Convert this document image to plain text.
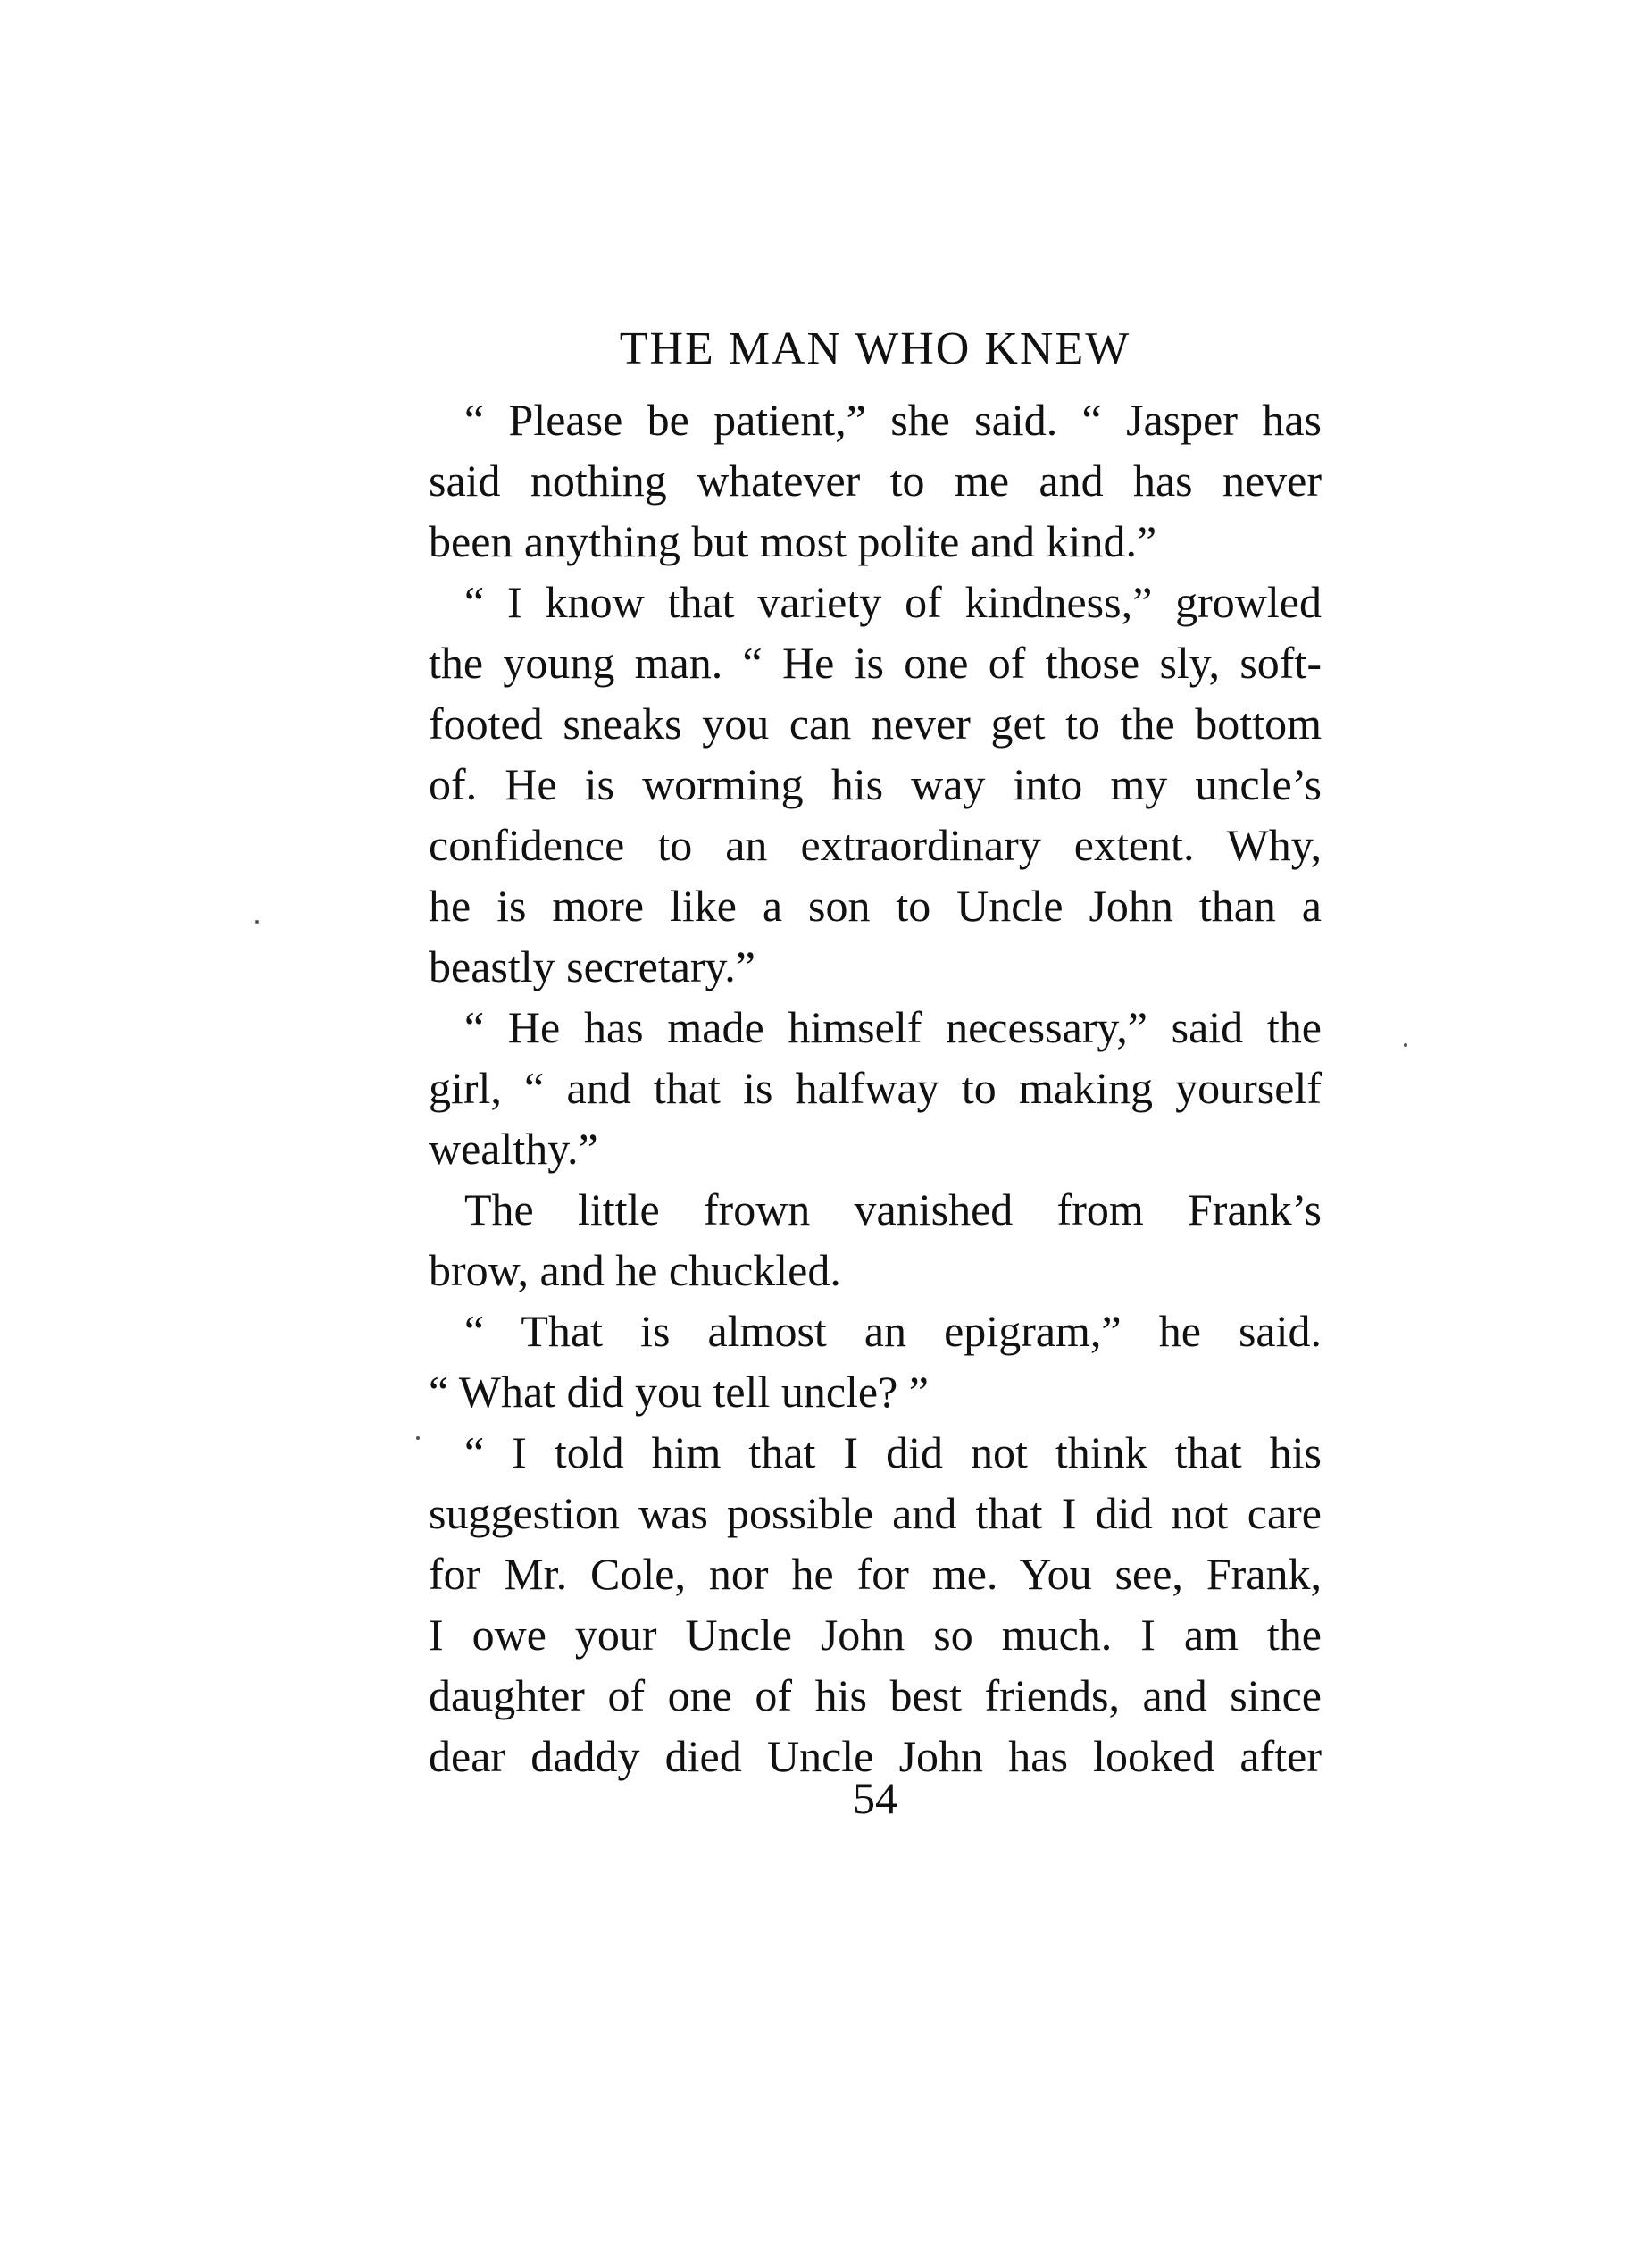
THE MAN WHO KNEW
“ Please be patient,” she said. “ Jasper has
said nothing whatever to me and has never
been anything but most polite and kind.”
“ I know that variety of kindness,” growled
the young man. “ He is one of those sly, soft-
footed sneaks you can never get to the bottom
of. He is worming his way into my uncle’s
confidence to an extraordinary extent. Why,
he is more like a son to Uncle John than a
beastly secretary.”
“ He has made himself necessary,” said the
girl, “ and that is halfway to making yourself
wealthy.”
The little frown vanished from Frank’s
brow, and he chuckled.
“ That is almost an epigram,” he said.
“ What did you tell uncle? ”
“ I told him that I did not think that his
suggestion was possible and that I did not care
for Mr. Cole, nor he for me. You see, Frank,
I owe your Uncle John so much. I am the
daughter of one of his best friends, and since
dear daddy died Uncle John has looked after
54
